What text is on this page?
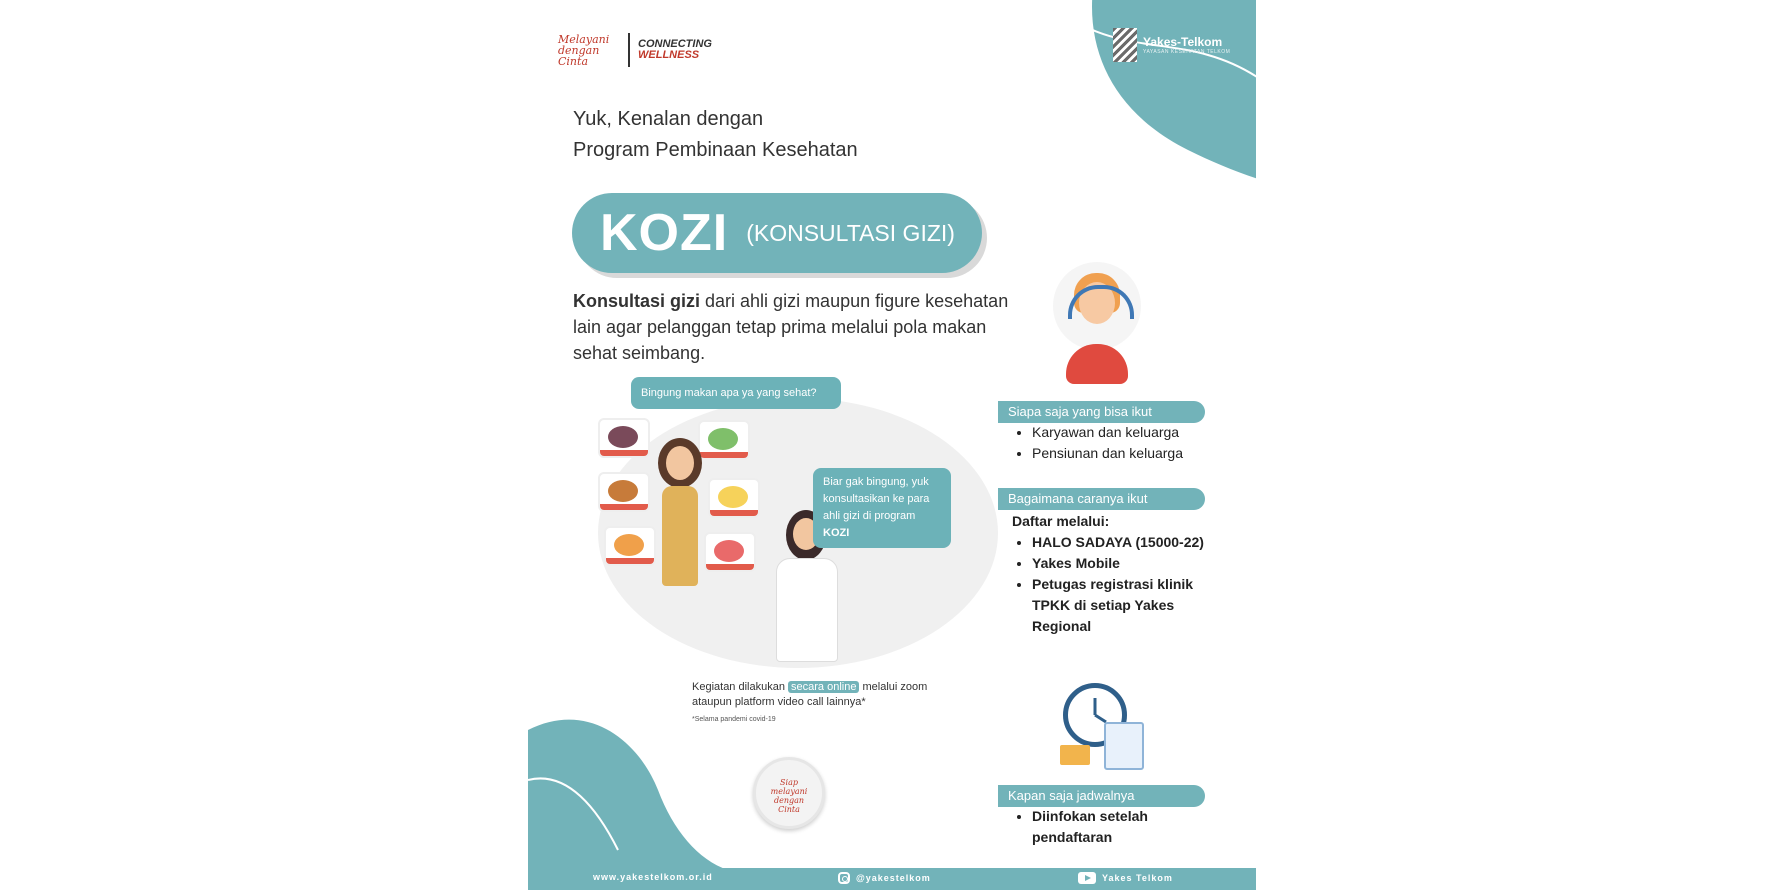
Melayani dengan Cinta
CONNECTING
WELLNESS
Yakes-Telkom
YAYASAN KESEHATAN TELKOM
Yuk, Kenalan dengan
Program Pembinaan Kesehatan
KOZI (KONSULTASI GIZI)
Konsultasi gizi dari ahli gizi maupun figure kesehatan lain agar pelanggan tetap prima melalui pola makan sehat seimbang.
Bingung makan apa ya yang sehat?
Biar gak bingung, yuk konsultasikan ke para ahli gizi di program KOZI
Kegiatan dilakukan secara online melalui zoom ataupun platform video call lainnya*
*Selama pandemi covid-19
Siap melayani dengan Cinta
Siapa saja yang bisa ikut
• Karyawan dan keluarga
• Pensiunan dan keluarga
Bagaimana caranya ikut
Daftar melalui:
• HALO SADAYA (15000-22)
• Yakes Mobile
• Petugas registrasi klinik TPKK di setiap Yakes Regional
Kapan saja jadwalnya
• Diinfokan setelah pendaftaran
www.yakestelkom.or.id	@yakestelkom	Yakes Telkom
